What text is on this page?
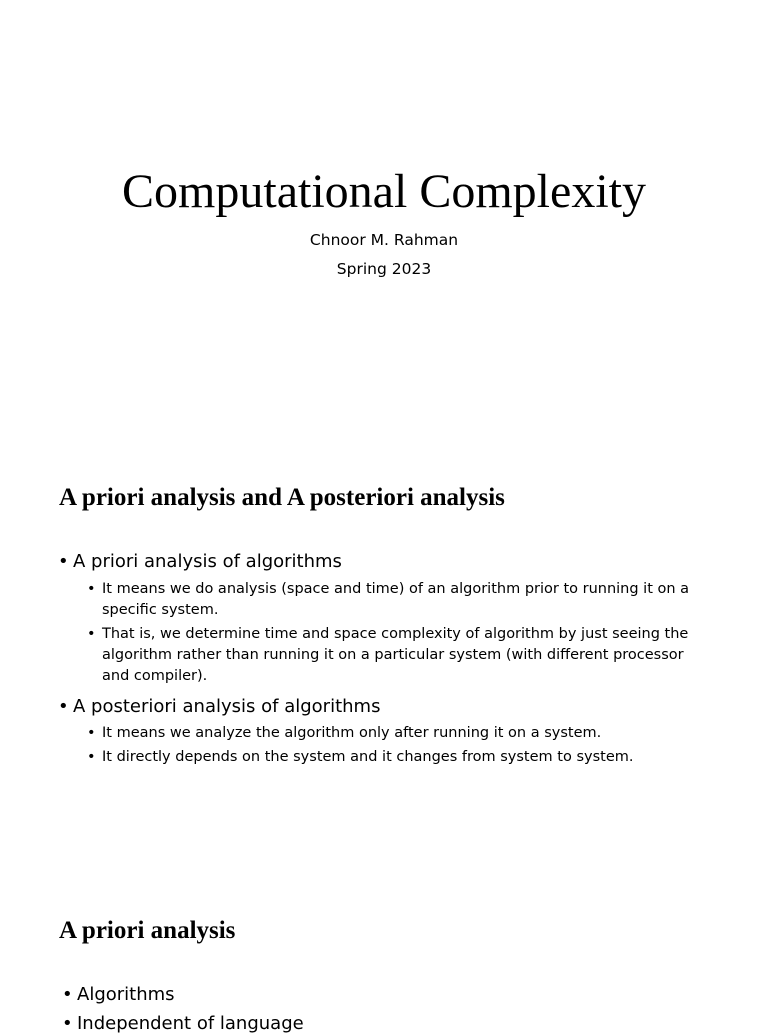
Computational Complexity
Chnoor M. Rahman
Spring 2023
A priori analysis and A posteriori analysis
• A priori analysis of algorithms
• It means we do analysis (space and time) of an algorithm prior to running it on a specific system.
• That is, we determine time and space complexity of algorithm by just seeing the algorithm rather than running it on a particular system (with different processor and compiler).
• A posteriori analysis of algorithms
• It means we analyze the algorithm only after running it on a system.
• It directly depends on the system and it changes from system to system.
A priori analysis
• Algorithms
• Independent of language
